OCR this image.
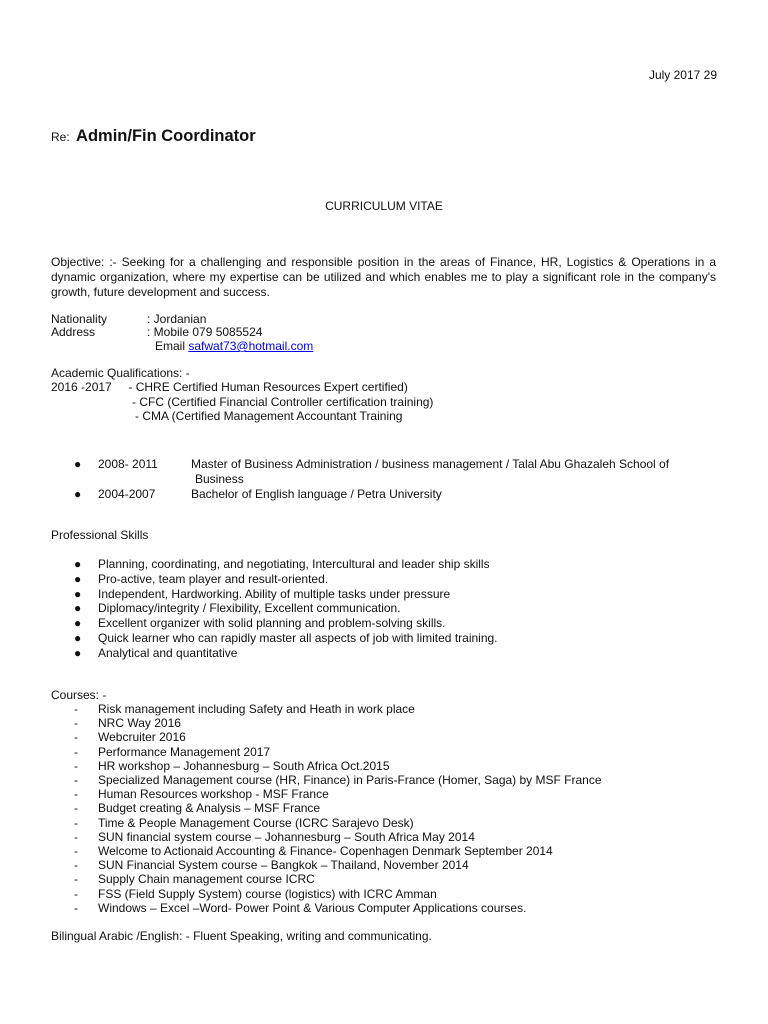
July 2017 29
Re: Admin/Fin Coordinator
CURRICULUM VITAE

Objective: :- Seeking for a challenging and responsible position in the areas of Finance, HR, Logistics & Operations in a dynamic organization, where my expertise can be utilized and which enables me to play a significant role in the company's growth, future development and success.

Nationality	: Jordanian
Address	: Mobile 079 5085524
Email safwat73@hotmail.com
Academic Qualifications: -
2016 -2017     - CHRE Certified Human Resources Expert certified)
- CFC (Certified Financial Controller certification training)
- CMA (Certified Management Accountant Training
● 2008- 2011	Master of Business Administration / business management / Talal Abu Ghazaleh School of
Business
● 2004-2007	Bachelor of English language / Petra University
Professional Skills
● Planning, coordinating, and negotiating, Intercultural and leader ship skills
● Pro-active, team player and result-oriented.
● Independent, Hardworking. Ability of multiple tasks under pressure
● Diplomacy/integrity / Flexibility, Excellent communication.
● Excellent organizer with solid planning and problem-solving skills.
● Quick learner who can rapidly master all aspects of job with limited training.
● Analytical and quantitative
Courses: -
- Risk management including Safety and Heath in work place
- NRC Way 2016
- Webcruiter 2016
- Performance Management 2017
- HR workshop – Johannesburg – South Africa Oct.2015
- Specialized Management course (HR, Finance) in Paris-France (Homer, Saga) by MSF France
- Human Resources workshop - MSF France
- Budget creating & Analysis – MSF France
- Time & People Management Course (ICRC Sarajevo Desk)
- SUN financial system course – Johannesburg – South Africa May 2014
- Welcome to Actionaid Accounting & Finance- Copenhagen Denmark September 2014
- SUN Financial System course – Bangkok – Thailand, November 2014
- Supply Chain management course ICRC
- FSS (Field Supply System) course (logistics) with ICRC Amman
- Windows – Excel –Word- Power Point & Various Computer Applications courses.
Bilingual Arabic /English: - Fluent Speaking, writing and communicating.
